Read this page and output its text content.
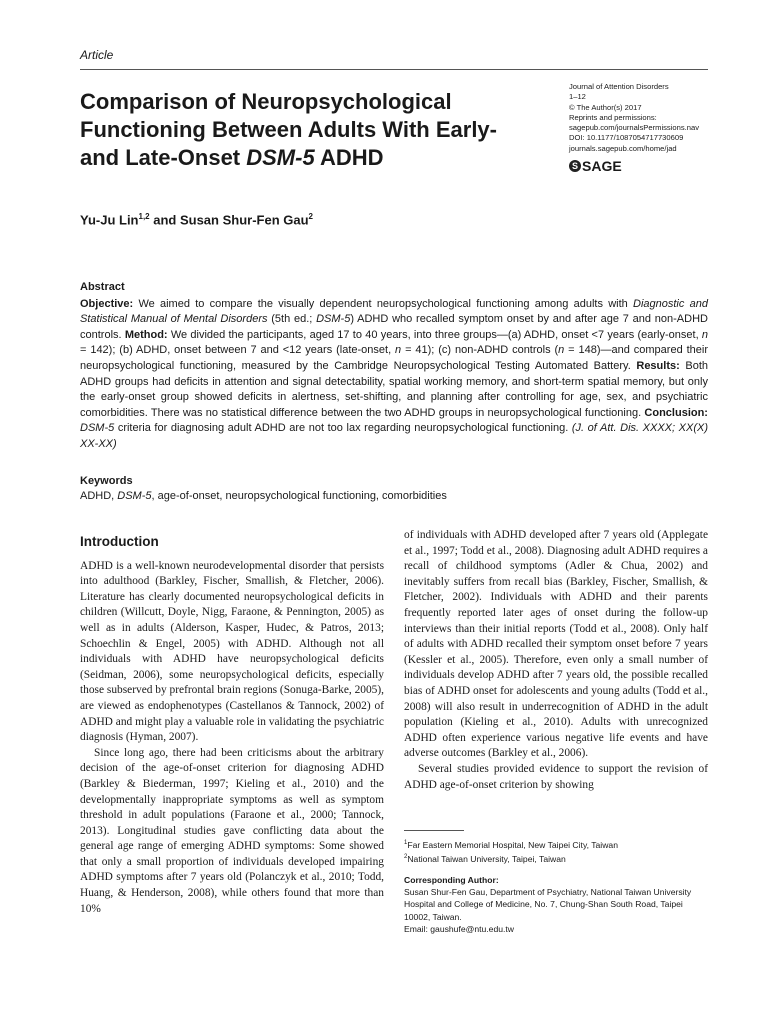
Article
Comparison of Neuropsychological Functioning Between Adults With Early- and Late-Onset DSM-5 ADHD
Journal of Attention Disorders
1–12
© The Author(s) 2017
Reprints and permissions:
sagepub.com/journalsPermissions.nav
DOI: 10.1177/1087054717730609
journals.sagepub.com/home/jad
S SAGE
Yu-Ju Lin$^{1,2}$ and Susan Shur-Fen Gau$^2$
Abstract

Objective: We aimed to compare the visually dependent neuropsychological functioning among adults with Diagnostic and Statistical Manual of Mental Disorders (5th ed.; DSM-5) ADHD who recalled symptom onset by and after age 7 and non-ADHD controls. Method: We divided the participants, aged 17 to 40 years, into three groups—(a) ADHD, onset <7 years (early-onset, n = 142); (b) ADHD, onset between 7 and <12 years (late-onset, n = 41); (c) non-ADHD controls (n = 148)—and compared their neuropsychological functioning, measured by the Cambridge Neuropsychological Testing Automated Battery. Results: Both ADHD groups had deficits in attention and signal detectability, spatial working memory, and short-term spatial memory, but only the early-onset group showed deficits in alertness, set-shifting, and planning after controlling for age, sex, and psychiatric comorbidities. There was no statistical difference between the two ADHD groups in neuropsychological functioning. Conclusion: DSM-5 criteria for diagnosing adult ADHD are not too lax regarding neuropsychological functioning. (J. of Att. Dis. XXXX; XX(X) XX-XX)

Keywords
ADHD, DSM-5, age-of-onset, neuropsychological functioning, comorbidities
Introduction

ADHD is a well-known neurodevelopmental disorder that persists into adulthood (Barkley, Fischer, Smallish, & Fletcher, 2006). Literature has clearly documented neuropsychological deficits in children (Willcutt, Doyle, Nigg, Faraone, & Pennington, 2005) as well as in adults (Alderson, Kasper, Hudec, & Patros, 2013; Schoechlin & Engel, 2005) with ADHD. Although not all individuals with ADHD have neuropsychological deficits (Seidman, 2006), some neuropsychological deficits, especially those subserved by prefrontal brain regions (Sonuga-Barke, 2005), are viewed as endophenotypes (Castellanos & Tannock, 2002) of ADHD and might play a valuable role in validating the psychiatric diagnosis (Hyman, 2007).

Since long ago, there had been criticisms about the arbitrary decision of the age-of-onset criterion for diagnosing ADHD (Barkley & Biederman, 1997; Kieling et al., 2010) and the developmentally inappropriate symptoms as well as symptom threshold in adult populations (Faraone et al., 2000; Tannock, 2013). Longitudinal studies gave conflicting data about the general age range of emerging ADHD symptoms: Some showed that only a small proportion of individuals developed impairing ADHD symptoms after 7 years old (Polanczyk et al., 2010; Todd, Huang, & Henderson, 2008), while others found that more than 10%

of individuals with ADHD developed after 7 years old (Applegate et al., 1997; Todd et al., 2008). Diagnosing adult ADHD requires a recall of childhood symptoms (Adler & Chua, 2002) and inevitably suffers from recall bias (Barkley, Fischer, Smallish, & Fletcher, 2002). Individuals with ADHD and their parents frequently reported later ages of onset during the follow-up interviews than their initial reports (Todd et al., 2008). Only half of adults with ADHD recalled their symptom onset before 7 years (Kessler et al., 2005). Therefore, even only a small number of individuals develop ADHD after 7 years old, the possible recalled bias of ADHD onset for adolescents and young adults (Todd et al., 2008) will also result in underrecognition of ADHD in the adult population (Kieling et al., 2010). Adults with unrecognized ADHD often experience various negative life events and have adverse outcomes (Barkley et al., 2006).

Several studies provided evidence to support the revision of ADHD age-of-onset criterion by showing

$^1$Far Eastern Memorial Hospital, New Taipei City, Taiwan
$^2$National Taiwan University, Taipei, Taiwan
Corresponding Author:
Susan Shur-Fen Gau, Department of Psychiatry, National Taiwan University Hospital and College of Medicine, No. 7, Chung-Shan South Road, Taipei 10002, Taiwan.
Email: gaushufe@ntu.edu.tw
